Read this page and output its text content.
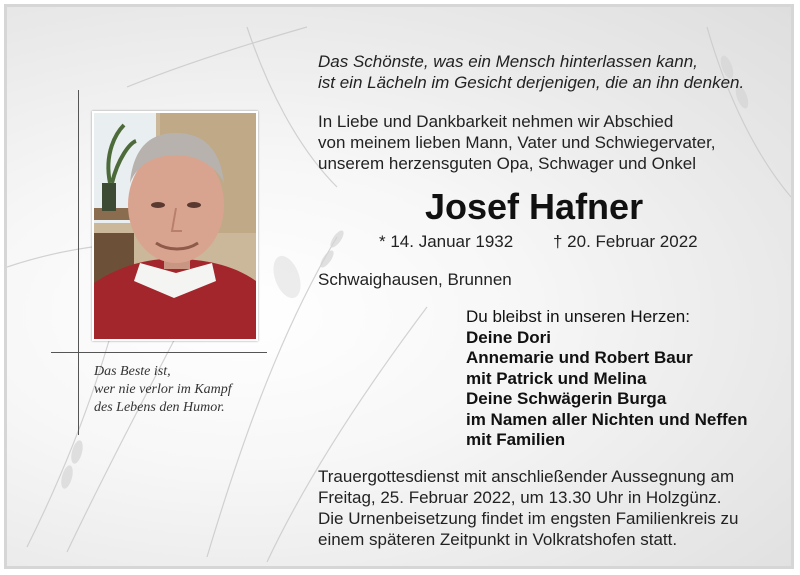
Das Beste ist,
wer nie verlor im Kampf
des Lebens den Humor.
Das Schönste, was ein Mensch hinterlassen kann,
ist ein Lächeln im Gesicht derjenigen, die an ihn denken.
In Liebe und Dankbarkeit nehmen wir Abschied
von meinem lieben Mann, Vater und Schwiegervater,
unserem herzensguten Opa, Schwager und Onkel
Josef Hafner
* 14. Januar 1932 † 20. Februar 2022
Schwaighausen, Brunnen
Du bleibst in unseren Herzen:
Deine Dori
Annemarie und Robert Baur
mit Patrick und Melina
Deine Schwägerin Burga
im Namen aller Nichten und Neffen
mit Familien
Trauergottesdienst mit anschließender Aussegnung am
Freitag, 25. Februar 2022, um 13.30 Uhr in Holzgünz.
Die Urnenbeisetzung findet im engsten Familienkreis zu
einem späteren Zeitpunkt in Volkratshofen statt.
